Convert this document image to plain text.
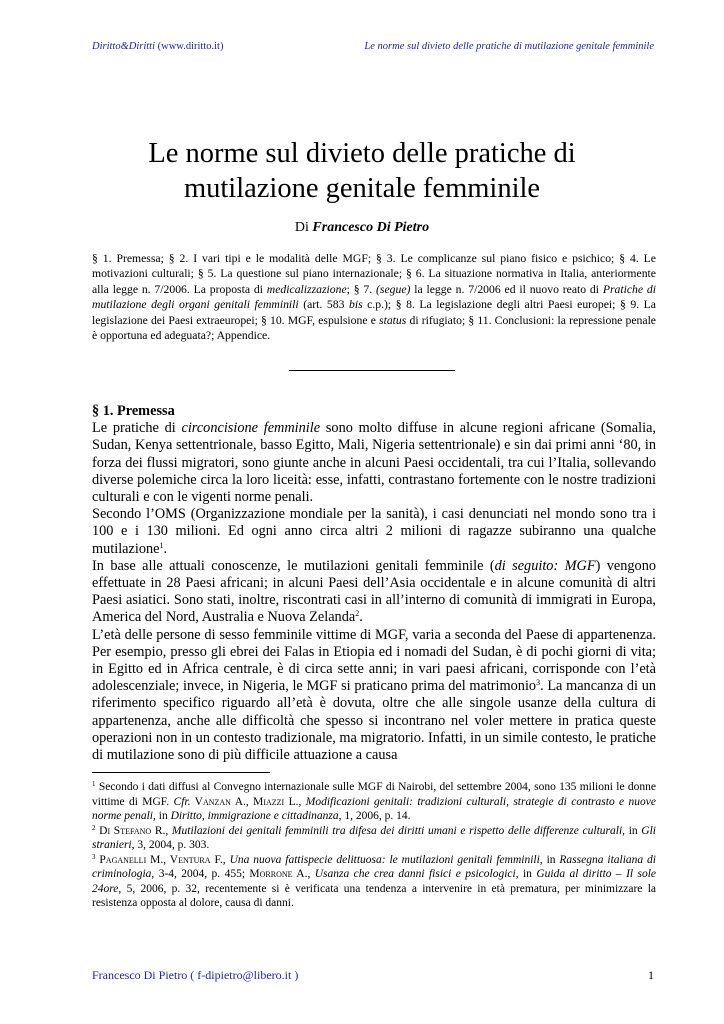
Diritto&Diritti (www.diritto.it)	Le norme sul divieto delle pratiche di mutilazione genitale femminile
Le norme sul divieto delle pratiche di
mutilazione genitale femminile
Di Francesco Di Pietro
§ 1. Premessa; § 2. I vari tipi e le modalità delle MGF; § 3. Le complicanze sul piano fisico e psichico; § 4. Le motivazioni culturali; § 5. La questione sul piano internazionale; § 6. La situazione normativa in Italia, anteriormente alla legge n. 7/2006. La proposta di medicalizzazione; § 7. (segue) la legge n. 7/2006 ed il nuovo reato di Pratiche di mutilazione degli organi genitali femminili (art. 583 bis c.p.); § 8. La legislazione degli altri Paesi europei; § 9. La legislazione dei Paesi extraeuropei; § 10. MGF, espulsione e status di rifugiato; § 11. Conclusioni: la repressione penale è opportuna ed adeguata?; Appendice.

§ 1. Premessa

Le pratiche di circoncisione femminile sono molto diffuse in alcune regioni africane (Somalia, Sudan, Kenya settentrionale, basso Egitto, Mali, Nigeria settentrionale) e sin dai primi anni ‘80, in forza dei flussi migratori, sono giunte anche in alcuni Paesi occidentali, tra cui l’Italia, sollevando diverse polemiche circa la loro liceità: esse, infatti, contrastano fortemente con le nostre tradizioni culturali e con le vigenti norme penali.

Secondo l’OMS (Organizzazione mondiale per la sanità), i casi denunciati nel mondo sono tra i 100 e i 130 milioni. Ed ogni anno circa altri 2 milioni di ragazze subiranno una qualche mutilazione$^1$.

In base alle attuali conoscenze, le mutilazioni genitali femminile (di seguito: MGF) vengono effettuate in 28 Paesi africani; in alcuni Paesi dell’Asia occidentale e in alcune comunità di altri Paesi asiatici. Sono stati, inoltre, riscontrati casi in all’interno di comunità di immigrati in Europa, America del Nord, Australia e Nuova Zelanda$^2$.

L’età delle persone di sesso femminile vittime di MGF, varia a seconda del Paese di appartenenza. Per esempio, presso gli ebrei dei Falas in Etiopia ed i nomadi del Sudan, è di pochi giorni di vita; in Egitto ed in Africa centrale, è di circa sette anni; in vari paesi africani, corrisponde con l’età adolescenziale; invece, in Nigeria, le MGF si praticano prima del matrimonio$^3$. La mancanza di un riferimento specifico riguardo all’età è dovuta, oltre che alle singole usanze della cultura di appartenenza, anche alle difficoltà che spesso si incontrano nel voler mettere in pratica queste operazioni non in un contesto tradizionale, ma migratorio. Infatti, in un simile contesto, le pratiche di mutilazione sono di più difficile attuazione a causa

$^1$ Secondo i dati diffusi al Convegno internazionale sulle MGF di Nairobi, del settembre 2004, sono 135 milioni le donne vittime di MGF. Cfr. Vanzan A., Miazzi L., Modificazioni genitali: tradizioni culturali, strategie di contrasto e nuove norme penali, in Diritto, immigrazione e cittadinanza, 1, 2006, p. 14.

$^2$ Di Stefano R., Mutilazioni dei genitali femminili tra difesa dei diritti umani e rispetto delle differenze culturali, in Gli stranieri, 3, 2004, p. 303.

$^3$ Paganelli M., Ventura F., Una nuova fattispecie delittuosa: le mutilazioni genitali femminili, in Rassegna italiana di criminologia, 3-4, 2004, p. 455; Morrone A., Usanza che crea danni fisici e psicologici, in Guida al diritto – Il sole 24ore, 5, 2006, p. 32, recentemente si è verificata una tendenza a intervenire in età prematura, per minimizzare la resistenza opposta al dolore, causa di danni.

Francesco Di Pietro ( f-dipietro@libero.it )	1
